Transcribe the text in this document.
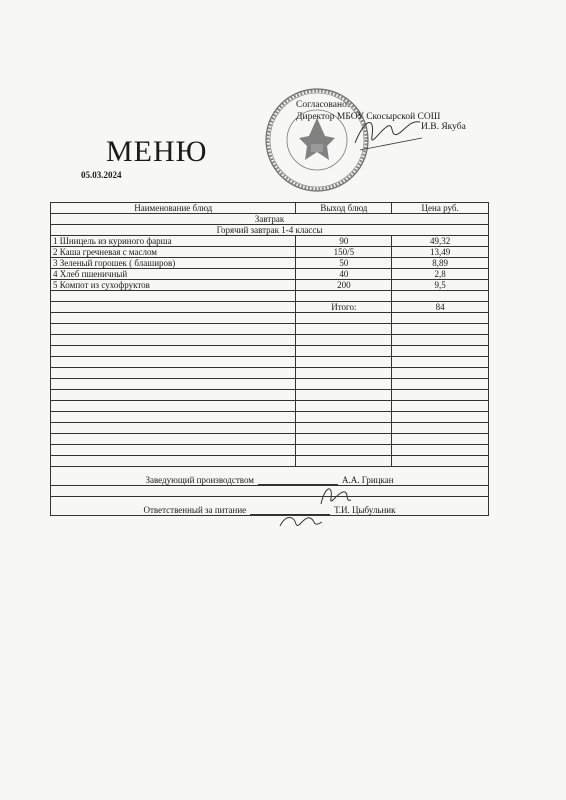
Согласовано:
Директор МБОУ Скосырской СОШ
И.В. Якуба
МЕНЮ
05.03.2024
Наименование блюд	Выход блюд	Цена руб.
Завтрак		
Горячий завтрак 1-4 классы		
1 Шницель из куриного фарша	90	49,32
2 Каша гречневая с маслом	150/5	13,49
3 Зеленый горошек ( блаширов)	50	8,89
4 Хлеб пшеничный	40	2,8
5 Компот из сухофруктов	200	9,5

	Итого:	84

Заведующий производством А.А. Грицкан		

Ответственный за питание Т.И. Цыбульник		
